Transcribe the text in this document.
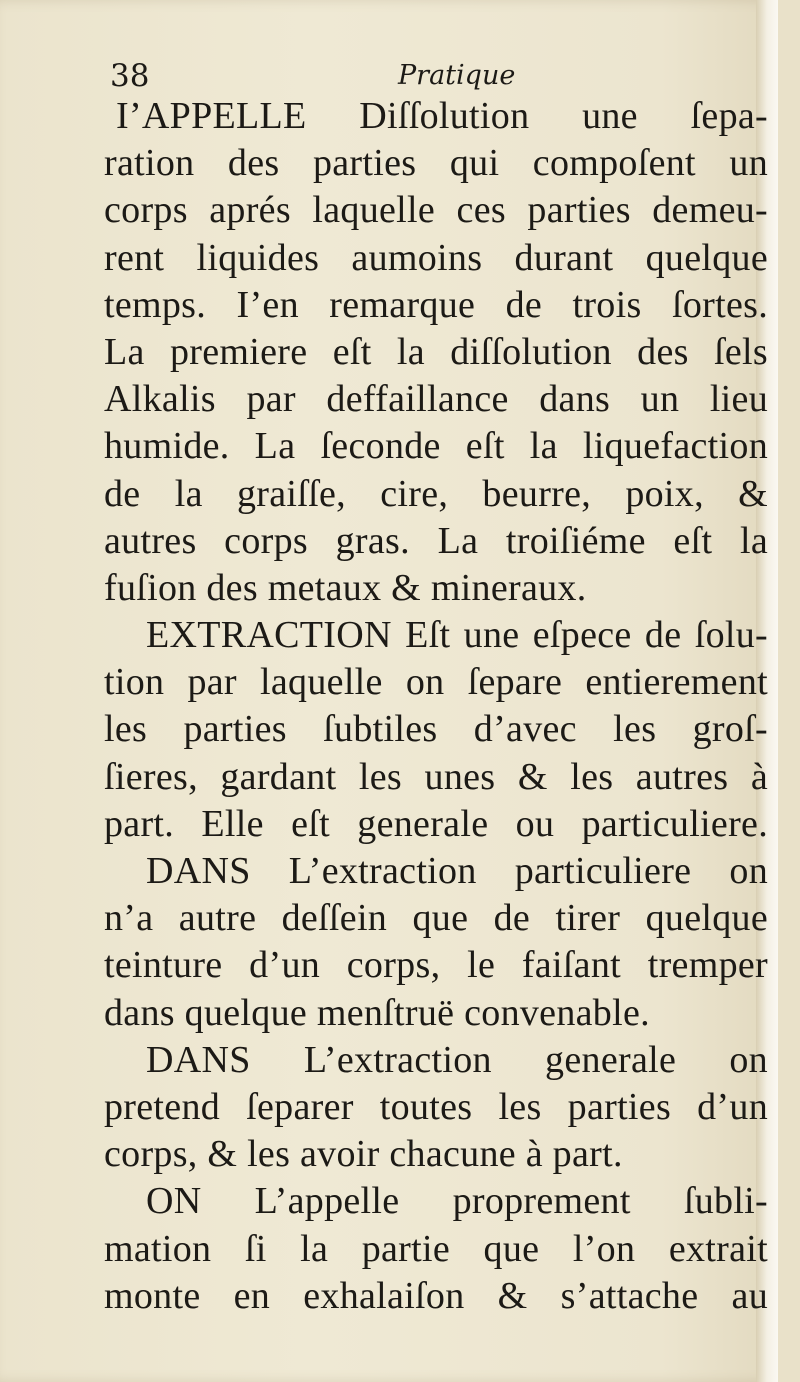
38	Pratique
I’APPELLE Diſſolution une ſepa-
ration des parties qui compoſent un
corps aprés laquelle ces parties demeu-
rent liquides aumoins durant quelque
temps. I’en remarque de trois ſortes.
La premiere eſt la diſſolution des ſels
Alkalis par deffaillance dans un lieu
humide. La ſeconde eſt la liquefaction
de la graiſſe, cire, beurre, poix, &
autres corps gras. La troiſiéme eſt la
fuſion des metaux & mineraux.
EXTRACTION Eſt une eſpece de ſolu-
tion par laquelle on ſepare entierement
les parties ſubtiles d’avec les groſ-
ſieres, gardant les unes & les autres à
part. Elle eſt generale ou particuliere.
DANS L’extraction particuliere on
n’a autre deſſein que de tirer quelque
teinture d’un corps, le faiſant tremper
dans quelque menſtruë convenable.
DANS L’extraction generale on
pretend ſeparer toutes les parties d’un
corps, & les avoir chacune à part.
ON L’appelle proprement ſubli-
mation ſi la partie que l’on extrait
monte en exhalaiſon & s’attache au
